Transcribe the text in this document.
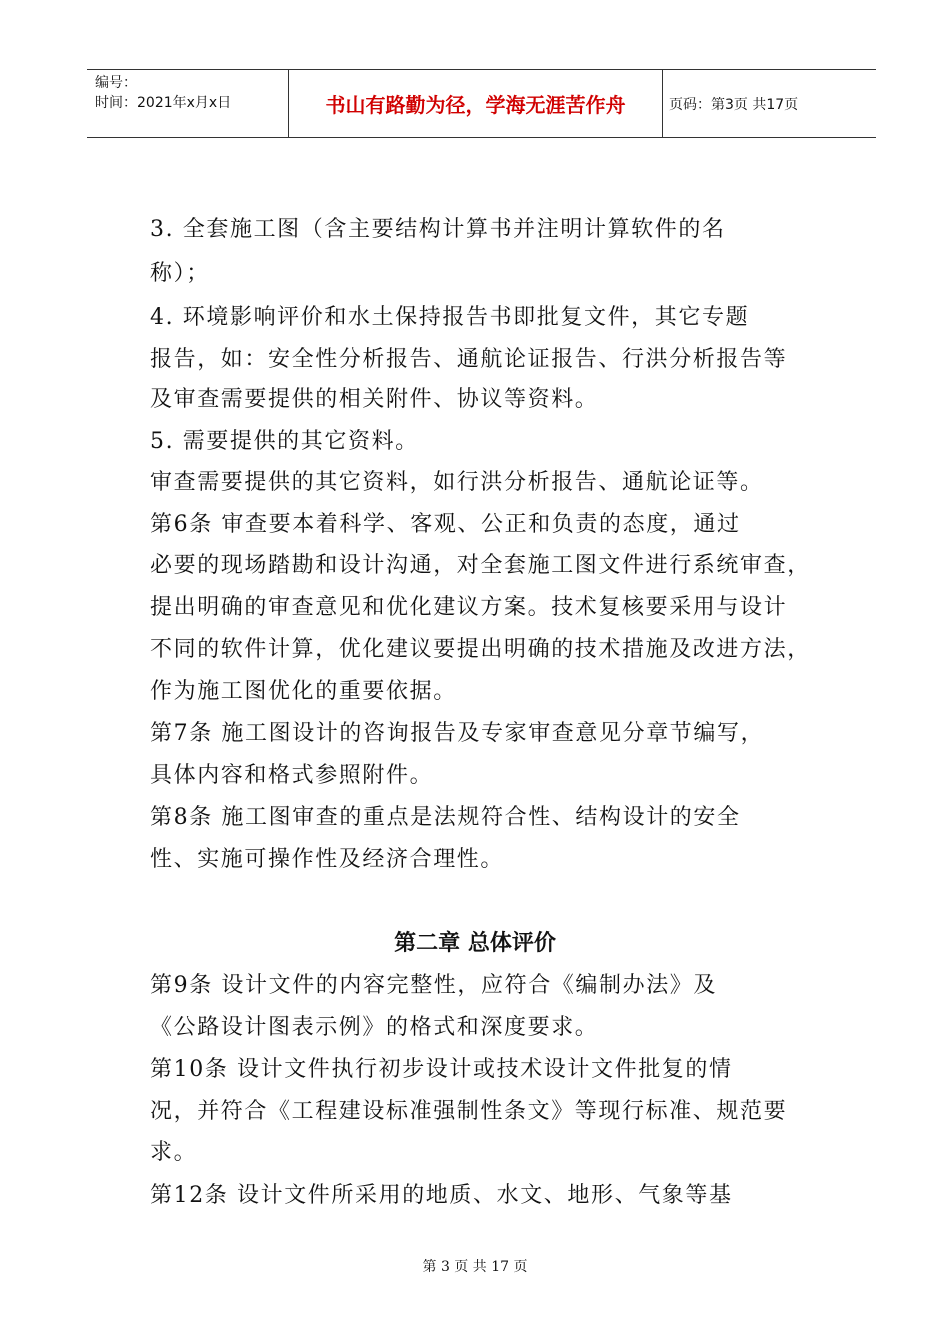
编号：
时间：2021年x月x日	书山有路勤为径，学海无涯苦作舟	页码：第3页 共17页
3. 全套施工图（含主要结构计算书并注明计算软件的名
称）；
4. 环境影响评价和水土保持报告书即批复文件，其它专题
报告，如：安全性分析报告、通航论证报告、行洪分析报告等
及审查需要提供的相关附件、协议等资料。
5. 需要提供的其它资料。
审查需要提供的其它资料，如行洪分析报告、通航论证等。
第6条 审查要本着科学、客观、公正和负责的态度，通过
必要的现场踏勘和设计沟通，对全套施工图文件进行系统审查，
提出明确的审查意见和优化建议方案。技术复核要采用与设计
不同的软件计算，优化建议要提出明确的技术措施及改进方法，
作为施工图优化的重要依据。
第7条 施工图设计的咨询报告及专家审查意见分章节编写，
具体内容和格式参照附件。
第8条 施工图审查的重点是法规符合性、结构设计的安全
性、实施可操作性及经济合理性。
第二章 总体评价
第9条 设计文件的内容完整性，应符合《编制办法》及
《公路设计图表示例》的格式和深度要求。
第10条 设计文件执行初步设计或技术设计文件批复的情
况，并符合《工程建设标准强制性条文》等现行标准、规范要
求。
第12条 设计文件所采用的地质、水文、地形、气象等基
第 3 页 共 17 页
